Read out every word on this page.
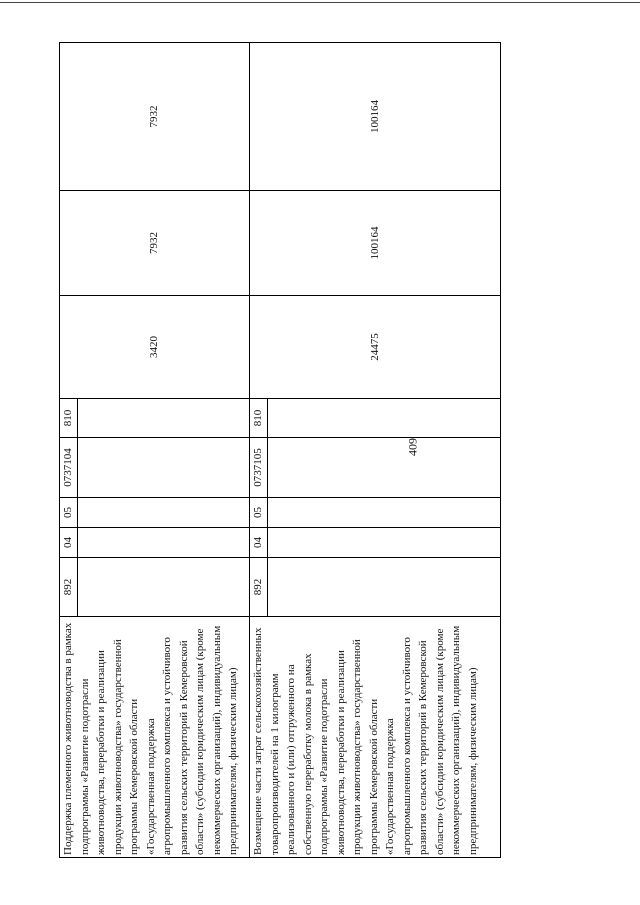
409
Поддержка племенного животноводства в рамках подпрограммы «Развитие подотрасли животноводства, переработки и реализации продукции животноводства» государственной программы Кемеровской области «Государственная поддержка агропромышленного комплекса и устойчивого развития сельских территорий в Кемеровской области» (субсидии юридическим лицам (кроме некоммерческих организаций), индивидуальным предпринимателям, физическим лицам)	892	04	05	0737104	810	3420	7932	7932

Возмещение части затрат сельскохозяйственных товаропроизводителей на 1 килограмм реализованного и (или) отгруженного на собственную переработку молока в рамках подпрограммы «Развитие подотрасли животноводства, переработки и реализации продукции животноводства» государственной программы Кемеровской области «Государственная поддержка агропромышленного комплекса и устойчивого развития сельских территорий в Кемеровской области» (субсидии юридическим лицам (кроме некоммерческих организаций), индивидуальным предпринимателям, физическим лицам)	892	04	05	0737105	810	24475	100164	100164
